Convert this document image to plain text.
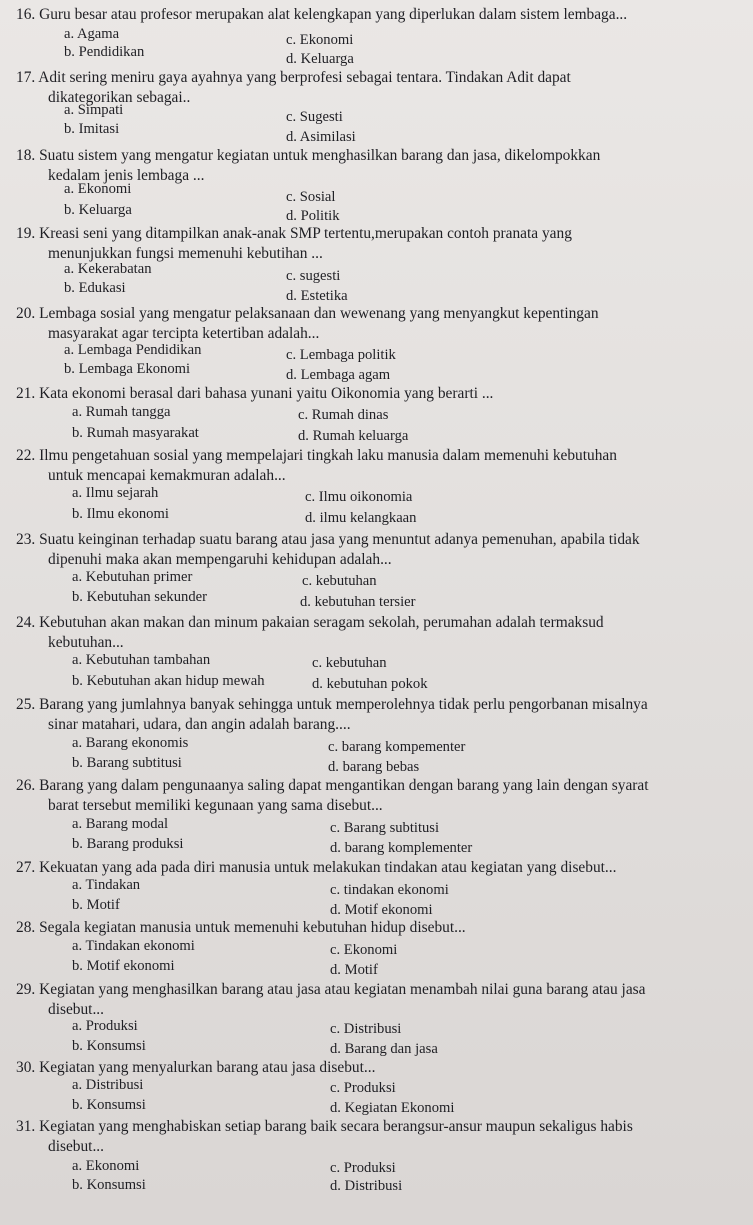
16. Guru besar atau profesor merupakan alat kelengkapan yang diperlukan dalam sistem lembaga...
a. Agama	c. Ekonomi
b. Pendidikan	d. Keluarga
17. Adit sering meniru gaya ayahnya yang berprofesi sebagai tentara. Tindakan Adit dapat
dikategorikan sebagai..
a. Simpati	c. Sugesti
b. Imitasi	d. Asimilasi
18. Suatu sistem yang mengatur kegiatan untuk menghasilkan barang dan jasa, dikelompokkan
kedalam jenis lembaga ...
a. Ekonomi	c. Sosial
b. Keluarga	d. Politik
19. Kreasi seni yang ditampilkan anak-anak SMP tertentu,merupakan contoh pranata yang
menunjukkan fungsi memenuhi kebutihan ...
a. Kekerabatan	c. sugesti
b. Edukasi	d. Estetika
20. Lembaga sosial yang mengatur pelaksanaan dan wewenang yang menyangkut kepentingan
masyarakat agar tercipta ketertiban adalah...
a. Lembaga Pendidikan	c. Lembaga politik
b. Lembaga Ekonomi	d. Lembaga agam
21. Kata ekonomi berasal dari bahasa yunani yaitu Oikonomia yang berarti ...
a. Rumah tangga	c. Rumah dinas
b. Rumah masyarakat	d. Rumah keluarga
22. Ilmu pengetahuan sosial yang mempelajari tingkah laku manusia dalam memenuhi kebutuhan
untuk mencapai kemakmuran adalah...
a. Ilmu sejarah	c. Ilmu oikonomia
b. Ilmu ekonomi	d. ilmu kelangkaan
23. Suatu keinginan terhadap suatu barang atau jasa yang menuntut adanya pemenuhan, apabila tidak
dipenuhi maka akan mempengaruhi kehidupan adalah...
a. Kebutuhan primer	c. kebutuhan
b. Kebutuhan sekunder	d. kebutuhan tersier
24. Kebutuhan akan makan dan minum pakaian seragam sekolah, perumahan adalah termaksud
kebutuhan...
a. Kebutuhan tambahan	c. kebutuhan
b. Kebutuhan akan hidup mewah	d. kebutuhan pokok
25. Barang yang jumlahnya banyak sehingga untuk memperolehnya tidak perlu pengorbanan misalnya
sinar matahari, udara, dan angin adalah barang....
a. Barang ekonomis	c. barang kompementer
b. Barang subtitusi	d. barang bebas
26. Barang yang dalam pengunaanya saling dapat mengantikan dengan barang yang lain dengan syarat
barat tersebut memiliki kegunaan yang sama disebut...
a. Barang modal	c. Barang subtitusi
b. Barang produksi	d. barang komplementer
27. Kekuatan yang ada pada diri manusia untuk melakukan tindakan atau kegiatan yang disebut...
a. Tindakan	c. tindakan ekonomi
b. Motif	d. Motif ekonomi
28. Segala kegiatan manusia untuk memenuhi kebutuhan hidup disebut...
a. Tindakan ekonomi	c. Ekonomi
b. Motif ekonomi	d. Motif
29. Kegiatan yang menghasilkan barang atau jasa atau kegiatan menambah nilai guna barang atau jasa
disebut...
a. Produksi	c. Distribusi
b. Konsumsi	d. Barang dan jasa
30. Kegiatan yang menyalurkan barang atau jasa disebut...
a. Distribusi	c. Produksi
b. Konsumsi	d. Kegiatan Ekonomi
31. Kegiatan yang menghabiskan setiap barang baik secara berangsur-ansur maupun sekaligus habis
disebut...
a. Ekonomi	c. Produksi
b. Konsumsi	d. Distribusi
